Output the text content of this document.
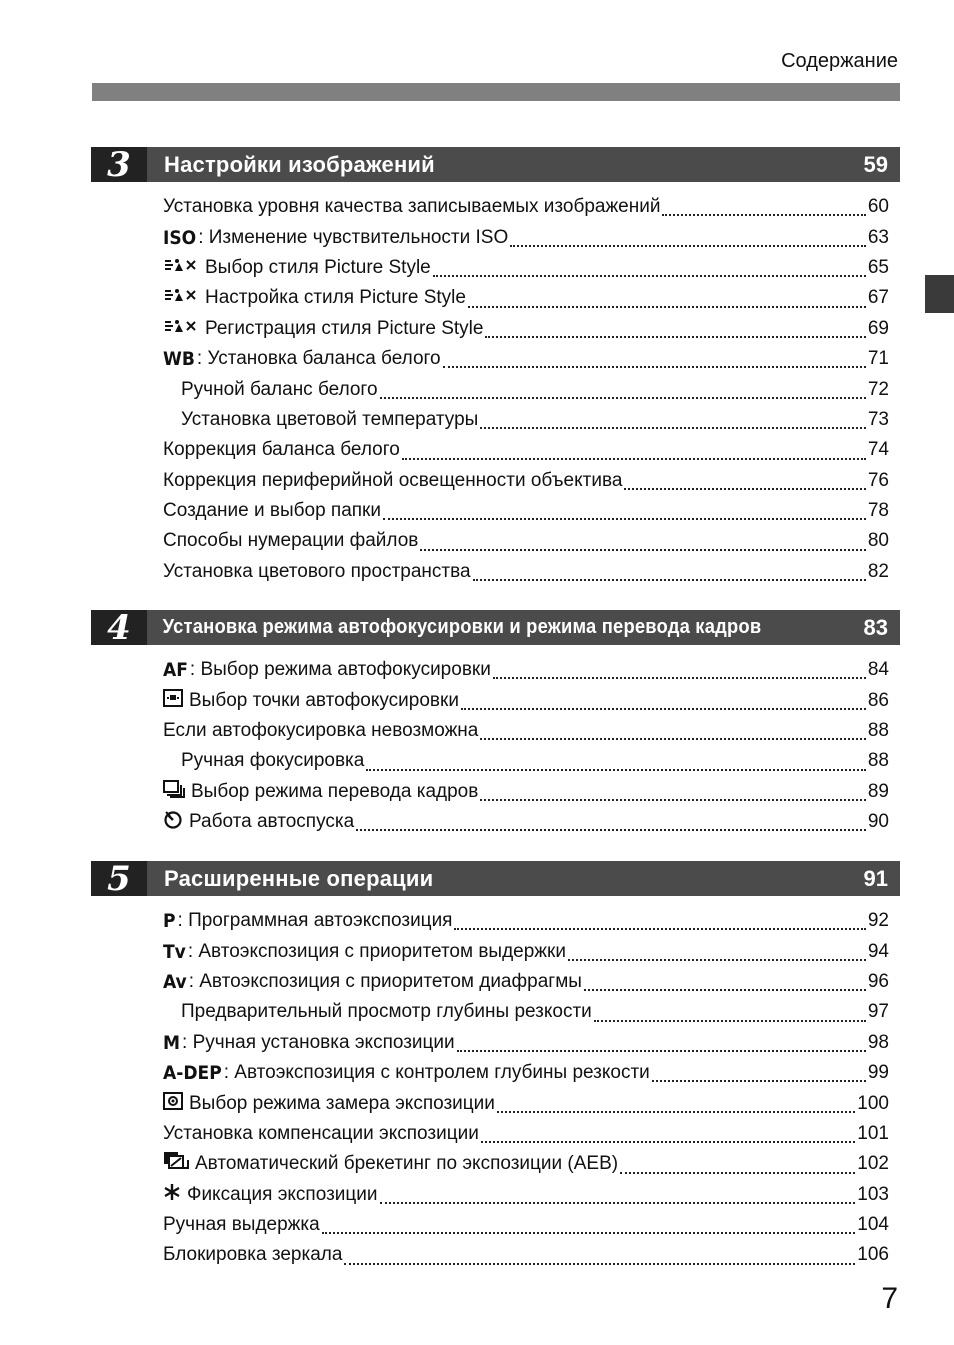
Содержание
3	Настройки изображений	59
Установка уровня качества записываемых изображений	60
ISO : Изменение чувствительности ISO	63
Выбор стиля Picture Style	65
Настройка стиля Picture Style	67
Регистрация стиля Picture Style	69
WB : Установка баланса белого	71
Ручной баланс белого	72
Установка цветовой температуры	73
Коррекция баланса белого	74
Коррекция периферийной освещенности объектива	76
Создание и выбор папки	78
Способы нумерации файлов	80
Установка цветового пространства	82
4	Установка режима автофокусировки и режима перевода кадров	83
AF : Выбор режима автофокусировки	84
Выбор точки автофокусировки	86
Если автофокусировка невозможна	88
Ручная фокусировка	88
Выбор режима перевода кадров	89
Работа автоспуска	90
5	Расширенные операции	91
P : Программная автоэкспозиция	92
Tv : Автоэкспозиция с приоритетом выдержки	94
Av : Автоэкспозиция с приоритетом диафрагмы	96
Предварительный просмотр глубины резкости	97
M : Ручная установка экспозиции	98
A-DEP : Автоэкспозиция с контролем глубины резкости	99
Выбор режима замера экспозиции	100
Установка компенсации экспозиции	101
Автоматический брекетинг по экспозиции (AEB)	102
Фиксация экспозиции	103
Ручная выдержка	104
Блокировка зеркала	106
7
